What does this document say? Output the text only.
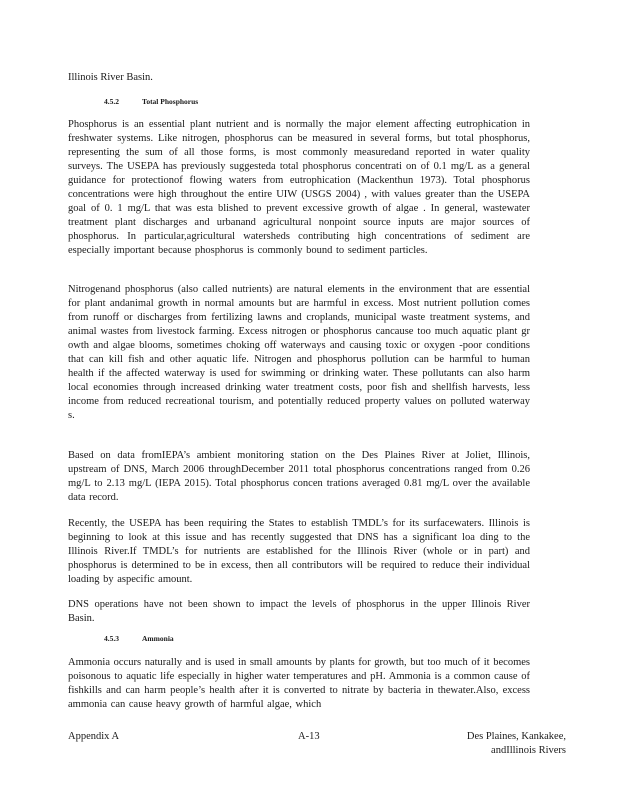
Illinois River Basin.
4.5.2	Total Phosphorus

Phosphorus is an essential plant nutrient and is normally the major element affecting eutrophication in freshwater systems. Like nitrogen, phosphorus can be measured in several forms, but total phosphorus, representing the sum of all those forms, is most commonly measuredand reported in water quality surveys. The USEPA has previously suggesteda total phosphorus concentrati on of 0.1 mg/L as a general guidance for protectionof flowing waters from eutrophication (Mackenthun 1973). Total phosphorus concentrations were high throughout the entire UIW (USGS 2004) , with values greater than the USEPA goal of 0. 1 mg/L that was esta blished to prevent excessive growth of algae . In general, wastewater treatment plant discharges and urbanand agricultural nonpoint source inputs are major sources of phosphorus. In particular,agricultural watersheds contributing high concentrations of sediment are especially important because phosphorus is commonly bound to sediment particles.

Nitrogenand phosphorus (also called nutrients) are natural elements in the environment that are essential for plant andanimal growth in normal amounts but are harmful in excess. Most nutrient pollution comes from runoff or discharges from fertilizing lawns and croplands, municipal waste treatment systems, and animal wastes from livestock farming. Excess nitrogen or phosphorus cancause too much aquatic plant gr owth and algae blooms, sometimes choking off waterways and causing toxic or oxygen -poor conditions that can kill fish and other aquatic life. Nitrogen and phosphorus pollution can be harmful to human health if the affected waterway is used for swimming or drinking water. These pollutants can also harm local economies through increased drinking water treatment costs, poor fish and shellfish harvests, less income from reduced recreational tourism, and potentially reduced property values on polluted waterway s.

Based on data fromIEPA’s ambient monitoring station on the Des Plaines River at Joliet, Illinois, upstream of DNS, March 2006 throughDecember 2011 total phosphorus concentrations ranged from 0.26 mg/L to 2.13 mg/L (IEPA 2015). Total phosphorus concen trations averaged 0.81 mg/L over the available data record.

Recently, the USEPA has been requiring the States to establish TMDL’s for its surfacewaters. Illinois is beginning to look at this issue and has recently suggested that DNS has a significant loa ding to the Illinois River.If TMDL’s for nutrients are established for the Illinois River (whole or in part) and phosphorus is determined to be in excess, then all contributors will be required to reduce their individual loading by aspecific amount.

DNS operations have not been shown to impact the levels of phosphorus in the upper Illinois River Basin.

4.5.3	Ammonia

Ammonia occurs naturally and is used in small amounts by plants for growth, but too much of it becomes poisonous to aquatic life especially in higher water temperatures and pH. Ammonia is a common cause of fishkills and can harm people’s health after it is converted to nitrate by bacteria in thewater.Also, excess ammonia can cause heavy growth of harmful algae, which

Appendix A	A-13	Des Plaines, Kankakee, andIllinois Rivers
